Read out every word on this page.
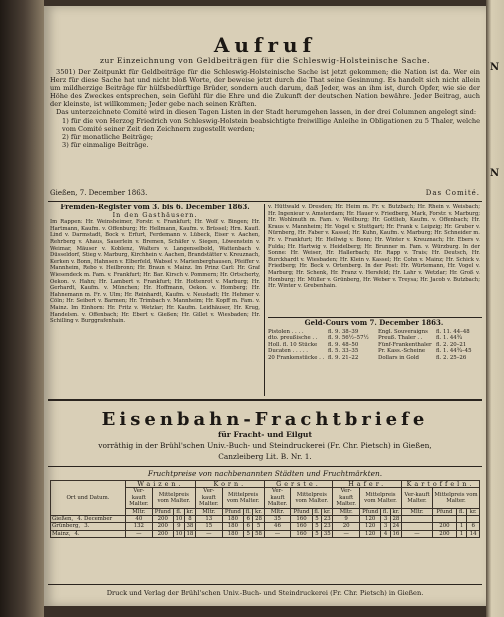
N
N
Aufruf
zur Einzeichnung von Geldbeiträgen für die Schleswig-Holsteinische Sache.

3501) Der Zeitpunkt für Geldbeiträge für die Schleswig-Holsteinische Sache ist jetzt gekommen; die Nation ist da. Wer ein Herz für diese Sache hat und nicht bloß Worte, der beweise jetzt durch die That seine Gesinnung. Es handelt sich nicht allein um mildherzige Beiträge für hülfsbedürftige Brüder, sondern auch darum, daß Jeder, was an ihm ist, durch Opfer, wie sie der Höhe des Zweckes entsprechen, sein Gefühl für die Ehre und die Zukunft der deutschen Nation bewähre. Jeder Beitrag, auch der kleinste, ist willkommen; Jeder gebe nach seinen Kräften.

Das unterzeichnete Comité wird in diesen Tagen Listen in der Stadt herumgehen lassen, in der drei Columnen angelegt sind:

1) für die von Herzog Friedrich von Schleswig-Holstein beabsichtigte freiwillige Anleihe in Obligationen zu 5 Thaler, welche vom Comité seiner Zeit den Zeichnern zugestellt werden;

2) für monatliche Beiträge;

3) für einmalige Beiträge.

Gießen, 7. December 1863.	Das Comité.
Fremden-Register vom 3. bis 6. December 1863.
In den Gasthäusern.
Im Rappen: Hr. Weinsheimer, Forstr. v. Frankfurt; Hr. Wolf v. Bingen; Hr. Hartmann, Kaufm. v. Offenburg; Hr. Hellmann, Kaufm. v. Brüssel; Hrn. Kaufl. Lind v. Darmstadt, Bock v. Erfurt, Ferdemann v. Lübeck, Eiser v. Aachen, Rehrberg v. Ahaus, Sauerlein v. Bremen, Schäfer v. Siegen, Löwenstein v. Weimar, Mäuser v. Koblenz, Walters v. Langenselbold, Wattenbach v. Düsseldorf, Stieg v. Marburg, Kirchhein v. Aachen, Brandstätter v. Kreuznach, Kerken v. Bonn, Hahnsen v. Elberfeld, Wabsel v. Marienberghausen, Pfeiffer v. Mannheim, Rebo v. Heilbronn; Hr. Braun v. Mainz. Im Prinz Carl: Hr. Graf Wiesendeck m. Fam. v. Frankfurt; Hr. Bar. Kirsch v. Pommern; Hr. Ortscherty, Oekon. v. Hahn; Hr. Lambert v. Frankfurt; Hr. Hottenrot v. Marburg; Hr. Gerhardt, Kaufm. v. München; Hr. Hoffmann, Oekon. v. Homberg; Hr. Hahnemann m. Fr. v. Ulm; Hr. Reinhardt, Kaufm. v. Neustadt; Hr. Hehmer v. Cöln; Hr. Seibert v. Barmen; Hr. Trimbach v. Mannheim; Hr. Kopff m. Fam. v. Mainz. Im Einhorn: Hr. Fritz v. Wetzlar; Hr. Kaufm. Leidhäuser, Hr. Krug, Handelsm. v. Offenbach; Hr. Ebert v. Gießen; Hr. Gillet v. Wiesbaden; Hr. Schilling v. Burggrafenhain.
v. Hüttwald v. Dresden; Hr. Heim m. Fr. v. Butzbach; Hr. Rhein v. Weisbach; Hr. Ingenieur v. Amsterdam; Hr. Hauer v. Friedberg, Mark, Forstr. v. Marburg; Hr. Wohlmuth m. Fam. v. Weilburg; Hr. Gottlieb, Kaufm. v. Offenbach; Hr. Kraus v. Mannheim; Hr. Vogel v. Stuttgart; Hr. Frank v. Leipzig; Hr. Gruber v. Nürnberg, Hr. Faber v. Kassel; Hr. Kuhn, Kaufm. v. Marburg; Hr. Schneider m. Fr. v. Frankfurt; Hr. Hellwig v. Bonn; Hr. Winter v. Kreuznach; Hr. Ebers v. Fulda; Hr. Hartwig v. Heidelberg; Hr. Brunner m. Fam. v. Würzburg. In der Sonne: Hr. Weiser, Hr. Hallerbach; Hr. Rapp v. Trais; Hr. Deutsch, Hr. Burckhardt v. Wiesbaden; Hr. Klein v. Kassel; Hr. Cohn v. Mainz; Hr. Schick v. Friedberg; Hr. Beck v. Ortenberg. In der Post: Hr. Würtemann, Hr. Vogel v. Marburg; Hr. Schenk, Hr. Franz v. Hersfeld; Hr. Lahr v. Wetzlar; Hr. Groß v. Homburg; Hr. Müller v. Grünberg, Hr. Weber v. Treysa; Hr. Jacob v. Butzbach; Hr. Winter v. Grebenhain.
Geld-Cours vom 7. December 1863.
Pistolen . . . .	fl. 9. 38–39	Engl. Souveraigns	fl. 11. 44–48
dto. preußische . .	fl. 9. 56½–57½	Preuß. Thaler . .	fl. 1. 44¾
Holl. fl. 10 Stücke	fl. 9. 48–50	Fünf-Frankenthaler fl. 2. 20–21
Ducaten . . . . .	fl. 5. 33–35	Pr. Kass.-Scheine	fl. 1. 44¾–45
20 Frankenstücke . . fl. 9. 21–22	Dollars in Gold	fl. 2. 25–26
Eisenbahn-Frachtbriefe
für Fracht- und Eilgut
vorräthig in der Brühl'schen Univ.-Buch- und Steindruckerei (Fr. Chr. Pietsch) in Gießen,
Canzleiberg Lit. B. Nr. 1.
Fruchtpreise von nachbenannten Städten und Fruchtmärkten.
Ort und Datum.	Waizen.				Korn.				Gerste.				Hafer.				Kartoffeln.			
	Ver-kauft Malter.	Mittelpreis vom Malter.			Ver-kauft Malter.	Mittelpreis vom Malter.			Ver-kauft Malter.	Mittelpreis vom Malter.			Ver-kauft Malter.	Mittelpreis vom Malter.			Ver-kauft Malter.	Mittelpreis vom Malter.		
	Mltr.	Pfund	fl.	kr.	Mltr.	Pfund	fl.	kr.	Mltr.	Pfund	fl.	kr.	Mltr.	Pfund	fl.	kr.	Mltr.	Pfund	fl.	kr.
Gießen, 4. December	40	200	10	8	13	180	6	28	35	160	5	23	9	120	3	28				
Grünberg, 3.	132	200	9	38	15	180	6	5	46	160	5	23	20	120	3	24		200	1	6
Mainz, 4.	—	200	10	18	—	180	5	58	—	160	5	35	—	120	4	16	—	200	1	14
Druck und Verlag der Brühl'schen Univ.-Buch- und Steindruckerei (Fr. Chr. Pietsch) in Gießen.
